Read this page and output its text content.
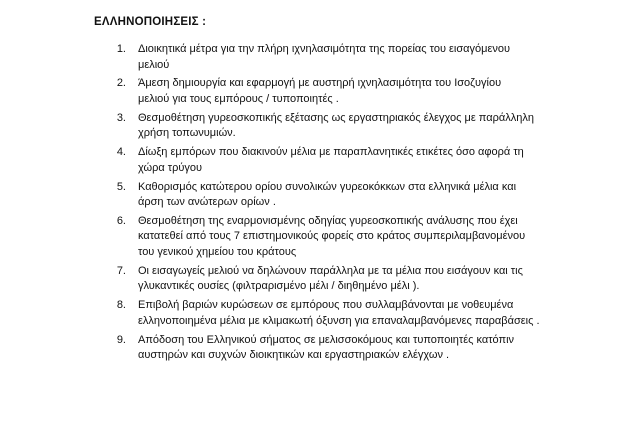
ΕΛΛΗΝΟΠΟΙΗΣΕΙΣ :
1. Διοικητικά μέτρα για την πλήρη ιχνηλασιμότητα της πορείας του εισαγόμενου
μελιού
2. Άμεση δημιουργία και εφαρμογή με αυστηρή ιχνηλασιμότητα του Ισοζυγίου
μελιού για τους εμπόρους / τυποποιητές .
3. Θεσμοθέτηση γυρεοσκοπικής εξέτασης ως εργαστηριακός έλεγχος με παράλληλη
χρήση τοπωνυμιών.
4. Δίωξη εμπόρων που διακινούν μέλια με παραπλανητικές ετικέτες όσο αφορά τη
χώρα τρύγου
5. Καθορισμός κατώτερου ορίου συνολικών γυρεοκόκκων στα ελληνικά μέλια και
άρση των ανώτερων ορίων .
6. Θεσμοθέτηση της εναρμονισμένης οδηγίας γυρεοσκοπικής ανάλυσης που έχει
κατατεθεί από τους 7 επιστημονικούς φορείς στο κράτος συμπεριλαμβανομένου
του γενικού χημείου του κράτους
7. Οι εισαγωγείς μελιού να δηλώνουν παράλληλα με τα μέλια που εισάγουν και τις
γλυκαντικές ουσίες (φιλτραρισμένο μέλι / διηθημένο μέλι ).
8. Επιβολή βαριών κυρώσεων σε εμπόρους που συλλαμβάνονται με νοθευμένα
ελληνοποιημένα μέλια με κλιμακωτή όξυνση για επαναλαμβανόμενες παραβάσεις .
9. Απόδοση του Ελληνικού σήματος σε μελισσοκόμους και τυποποιητές κατόπιν
αυστηρών και συχνών διοικητικών και εργαστηριακών ελέγχων .
